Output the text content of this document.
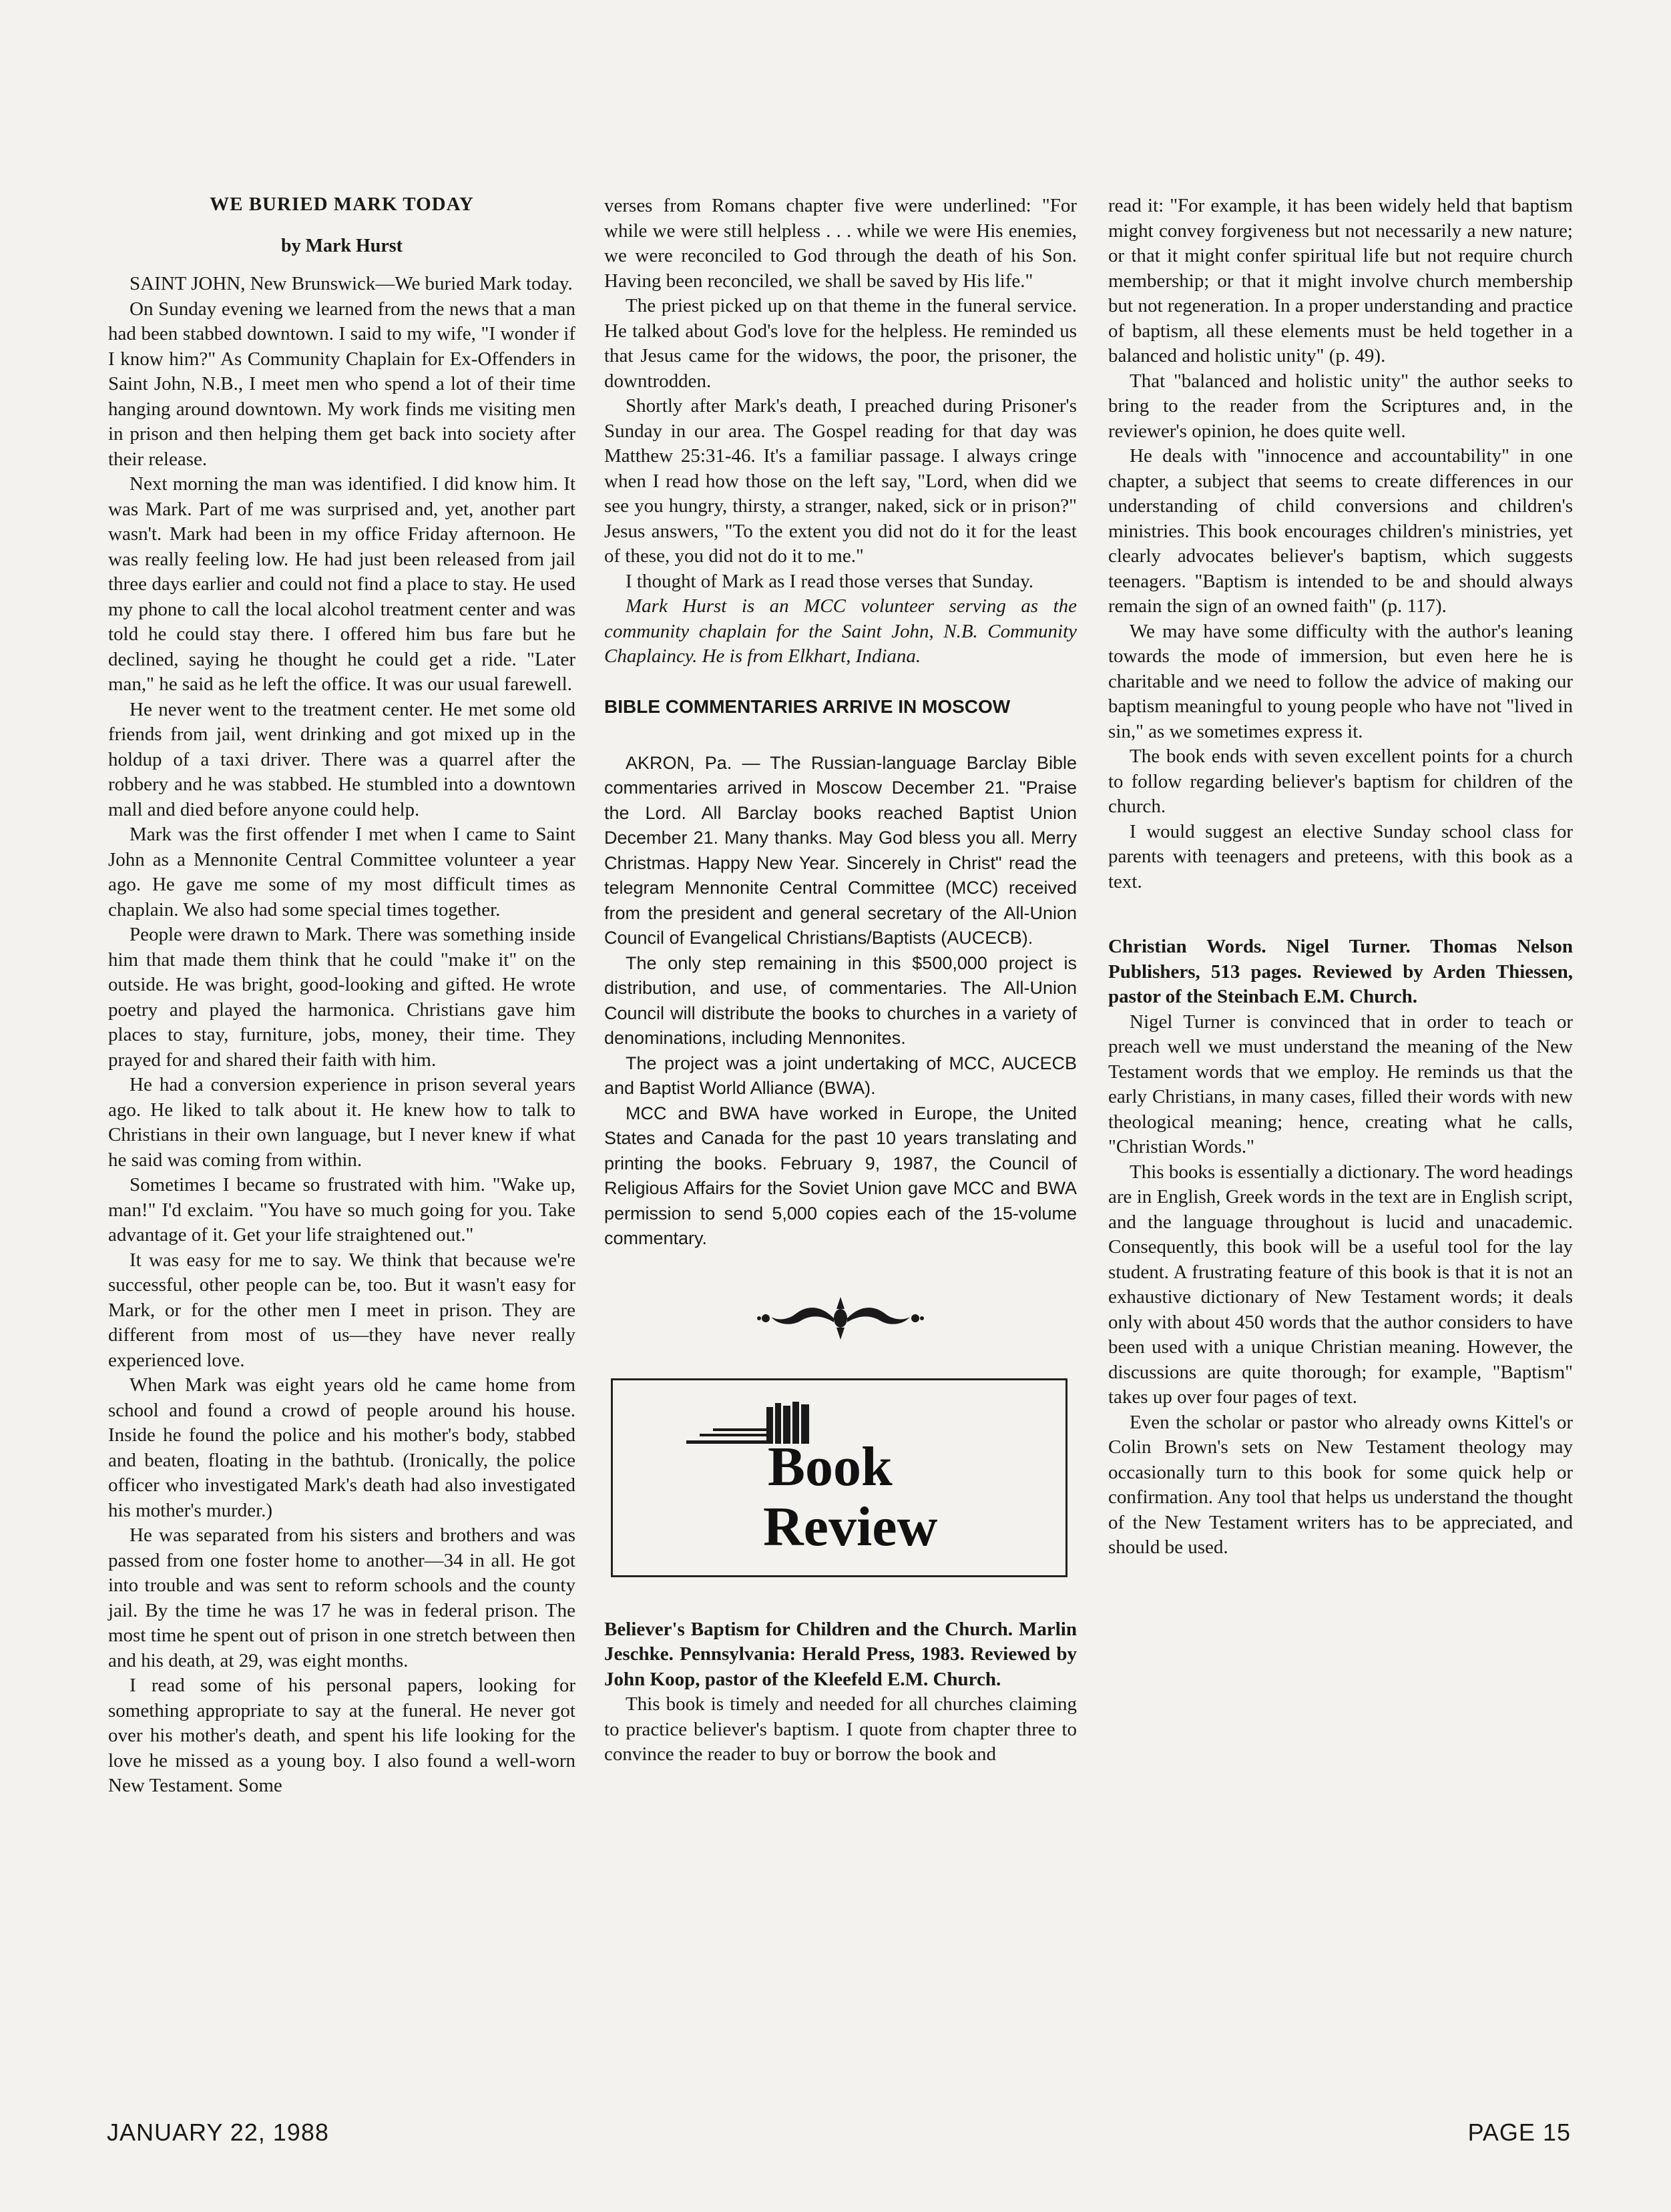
WE BURIED MARK TODAY
by Mark Hurst

SAINT JOHN, New Brunswick—We buried Mark today.

On Sunday evening we learned from the news that a man had been stabbed downtown. I said to my wife, "I wonder if I know him?" As Community Chaplain for Ex-Offenders in Saint John, N.B., I meet men who spend a lot of their time hanging around downtown. My work finds me visiting men in prison and then helping them get back into society after their release.

Next morning the man was identified. I did know him. It was Mark. Part of me was surprised and, yet, another part wasn't. Mark had been in my office Friday afternoon. He was really feeling low. He had just been released from jail three days earlier and could not find a place to stay. He used my phone to call the local alcohol treatment center and was told he could stay there. I offered him bus fare but he declined, saying he thought he could get a ride. "Later man," he said as he left the office. It was our usual farewell.

He never went to the treatment center. He met some old friends from jail, went drinking and got mixed up in the holdup of a taxi driver. There was a quarrel after the robbery and he was stabbed. He stumbled into a downtown mall and died before anyone could help.

Mark was the first offender I met when I came to Saint John as a Mennonite Central Committee volunteer a year ago. He gave me some of my most difficult times as chaplain. We also had some special times together.

People were drawn to Mark. There was something inside him that made them think that he could "make it" on the outside. He was bright, good-looking and gifted. He wrote poetry and played the harmonica. Christians gave him places to stay, furniture, jobs, money, their time. They prayed for and shared their faith with him.

He had a conversion experience in prison several years ago. He liked to talk about it. He knew how to talk to Christians in their own language, but I never knew if what he said was coming from within.

Sometimes I became so frustrated with him. "Wake up, man!" I'd exclaim. "You have so much going for you. Take advantage of it. Get your life straightened out."

It was easy for me to say. We think that because we're successful, other people can be, too. But it wasn't easy for Mark, or for the other men I meet in prison. They are different from most of us—they have never really experienced love.

When Mark was eight years old he came home from school and found a crowd of people around his house. Inside he found the police and his mother's body, stabbed and beaten, floating in the bathtub. (Ironically, the police officer who investigated Mark's death had also investigated his mother's murder.)

He was separated from his sisters and brothers and was passed from one foster home to another—34 in all. He got into trouble and was sent to reform schools and the county jail. By the time he was 17 he was in federal prison. The most time he spent out of prison in one stretch between then and his death, at 29, was eight months.

I read some of his personal papers, looking for something appropriate to say at the funeral. He never got over his mother's death, and spent his life looking for the love he missed as a young boy. I also found a well-worn New Testament. Some

verses from Romans chapter five were underlined: "For while we were still helpless . . . while we were His enemies, we were reconciled to God through the death of his Son. Having been reconciled, we shall be saved by His life."

The priest picked up on that theme in the funeral service. He talked about God's love for the helpless. He reminded us that Jesus came for the widows, the poor, the prisoner, the downtrodden.

Shortly after Mark's death, I preached during Prisoner's Sunday in our area. The Gospel reading for that day was Matthew 25:31-46. It's a familiar passage. I always cringe when I read how those on the left say, "Lord, when did we see you hungry, thirsty, a stranger, naked, sick or in prison?" Jesus answers, "To the extent you did not do it for the least of these, you did not do it to me."

I thought of Mark as I read those verses that Sunday.

Mark Hurst is an MCC volunteer serving as the community chaplain for the Saint John, N.B. Community Chaplaincy. He is from Elkhart, Indiana.

BIBLE COMMENTARIES ARRIVE IN MOSCOW

AKRON, Pa. — The Russian-language Barclay Bible commentaries arrived in Moscow December 21. "Praise the Lord. All Barclay books reached Baptist Union December 21. Many thanks. May God bless you all. Merry Christmas. Happy New Year. Sincerely in Christ" read the telegram Mennonite Central Committee (MCC) received from the president and general secretary of the All-Union Council of Evangelical Christians/Baptists (AUCECB).

The only step remaining in this $500,000 project is distribution, and use, of commentaries. The All-Union Council will distribute the books to churches in a variety of denominations, including Mennonites.

The project was a joint undertaking of MCC, AUCECB and Baptist World Alliance (BWA).

MCC and BWA have worked in Europe, the United States and Canada for the past 10 years translating and printing the books. February 9, 1987, the Council of Religious Affairs for the Soviet Union gave MCC and BWA permission to send 5,000 copies each of the 15-volume commentary.

Book
Review

Believer's Baptism for Children and the Church. Marlin Jeschke. Pennsylvania: Herald Press, 1983. Reviewed by John Koop, pastor of the Kleefeld E.M. Church.

This book is timely and needed for all churches claiming to practice believer's baptism. I quote from chapter three to convince the reader to buy or borrow the book and

read it: "For example, it has been widely held that baptism might convey forgiveness but not necessarily a new nature; or that it might confer spiritual life but not require church membership; or that it might involve church membership but not regeneration. In a proper understanding and practice of baptism, all these elements must be held together in a balanced and holistic unity" (p. 49).

That "balanced and holistic unity" the author seeks to bring to the reader from the Scriptures and, in the reviewer's opinion, he does quite well.

He deals with "innocence and accountability" in one chapter, a subject that seems to create differences in our understanding of child conversions and children's ministries. This book encourages children's ministries, yet clearly advocates believer's baptism, which suggests teenagers. "Baptism is intended to be and should always remain the sign of an owned faith" (p. 117).

We may have some difficulty with the author's leaning towards the mode of immersion, but even here he is charitable and we need to follow the advice of making our baptism meaningful to young people who have not "lived in sin," as we sometimes express it.

The book ends with seven excellent points for a church to follow regarding believer's baptism for children of the church.

I would suggest an elective Sunday school class for parents with teenagers and preteens, with this book as a text.

Christian Words. Nigel Turner. Thomas Nelson Publishers, 513 pages. Reviewed by Arden Thiessen, pastor of the Steinbach E.M. Church.

Nigel Turner is convinced that in order to teach or preach well we must understand the meaning of the New Testament words that we employ. He reminds us that the early Christians, in many cases, filled their words with new theological meaning; hence, creating what he calls, "Christian Words."

This books is essentially a dictionary. The word headings are in English, Greek words in the text are in English script, and the language throughout is lucid and unacademic. Consequently, this book will be a useful tool for the lay student. A frustrating feature of this book is that it is not an exhaustive dictionary of New Testament words; it deals only with about 450 words that the author considers to have been used with a unique Christian meaning. However, the discussions are quite thorough; for example, "Baptism" takes up over four pages of text.

Even the scholar or pastor who already owns Kittel's or Colin Brown's sets on New Testament theology may occasionally turn to this book for some quick help or confirmation. Any tool that helps us understand the thought of the New Testament writers has to be appreciated, and should be used.

JANUARY 22, 1988	PAGE 15
